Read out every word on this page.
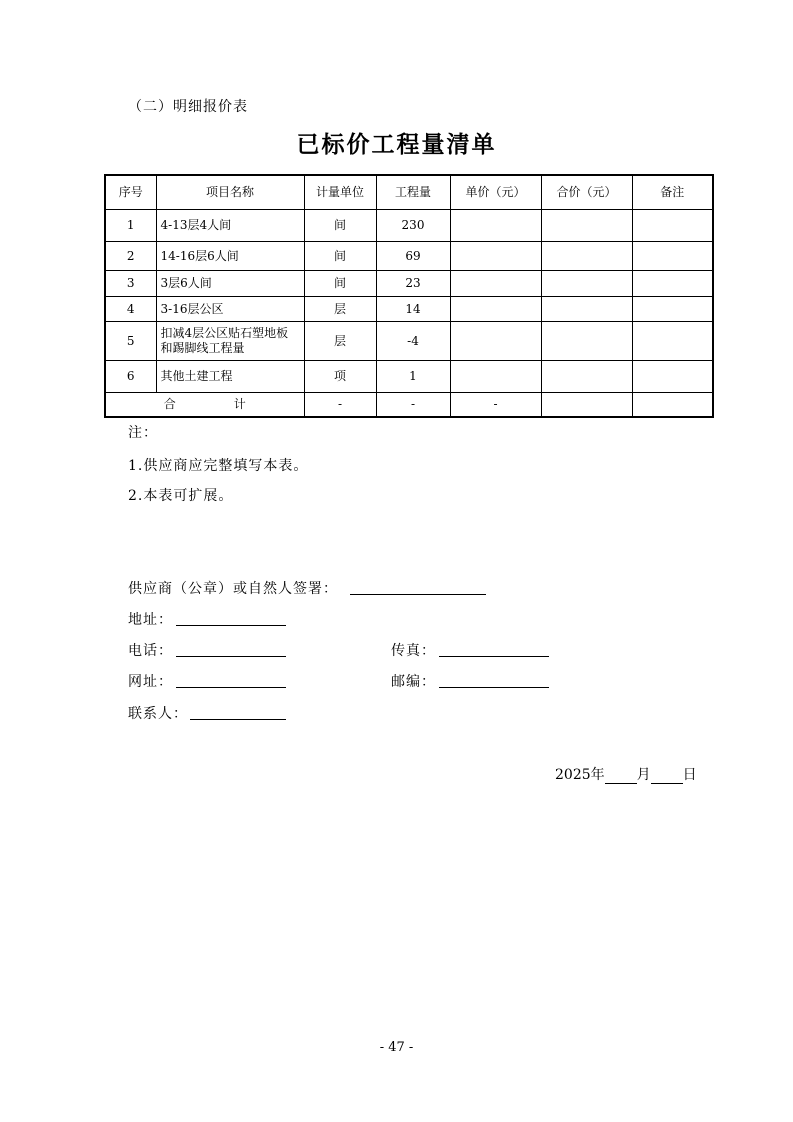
（二）明细报价表
已标价工程量清单
序号	项目名称	计量单位	工程量	单价（元）	合价（元）	备注
1	4-13层4人间	间	230			
2	14-16层6人间	间	69			
3	3层6人间	间	23			
4	3-16层公区	层	14			
5	扣减4层公区贴石塑地板和踢脚线工程量	层	-4			
6	其他土建工程	项	1			
合 计		-	-	-		
注：
1.供应商应完整填写本表。
2.本表可扩展。
供应商（公章）或自然人签署：
地址：
电话：	传真：
网址：	邮编：
联系人：
2025年 月 日
- 47 -
